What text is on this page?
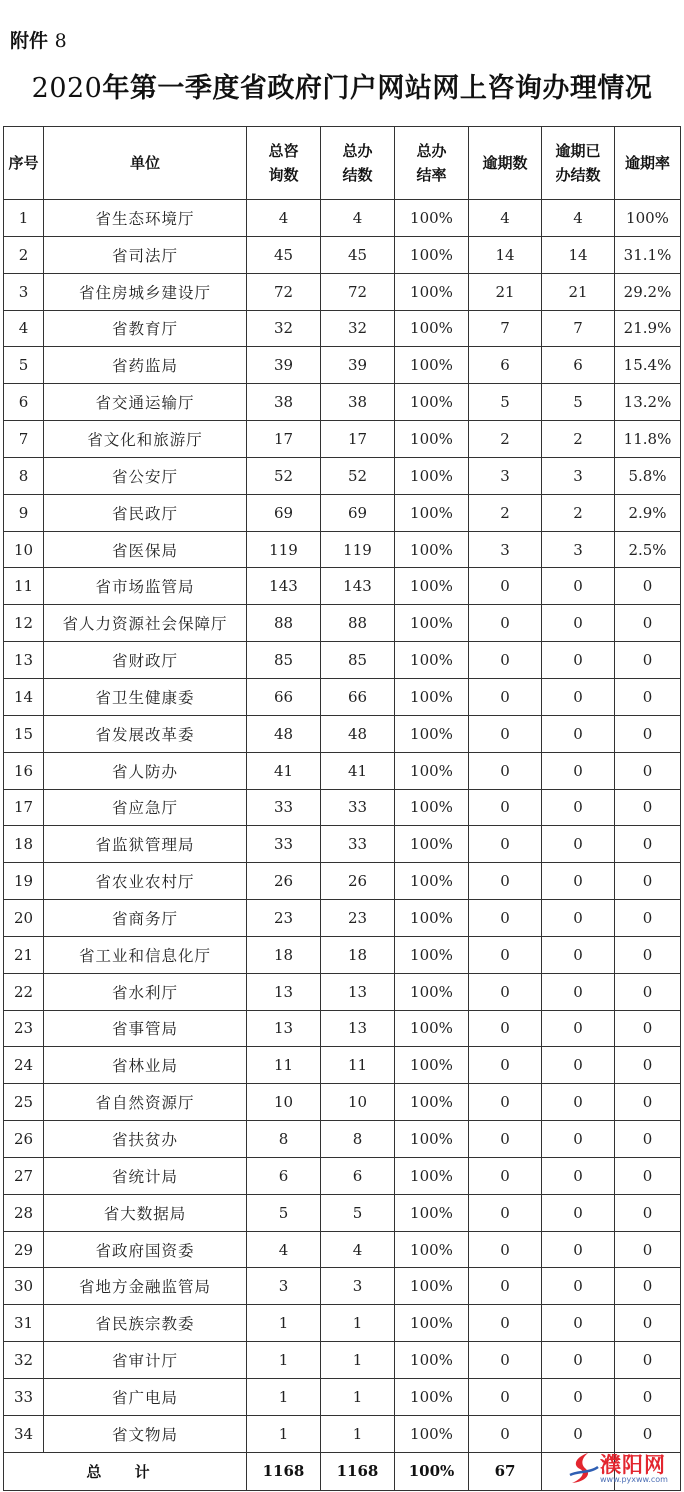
附件 8
2020年第一季度省政府门户网站网上咨询办理情况
序号	单位	总咨询数	总办结数	总办结率	逾期数	逾期已办结数	逾期率
1	省生态环境厅	4	4	100%	4	4	100%
2	省司法厅	45	45	100%	14	14	31.1%
3	省住房城乡建设厅	72	72	100%	21	21	29.2%
4	省教育厅	32	32	100%	7	7	21.9%
5	省药监局	39	39	100%	6	6	15.4%
6	省交通运输厅	38	38	100%	5	5	13.2%
7	省文化和旅游厅	17	17	100%	2	2	11.8%
8	省公安厅	52	52	100%	3	3	5.8%
9	省民政厅	69	69	100%	2	2	2.9%
10	省医保局	119	119	100%	3	3	2.5%
11	省市场监管局	143	143	100%	0	0	0
12	省人力资源社会保障厅	88	88	100%	0	0	0
13	省财政厅	85	85	100%	0	0	0
14	省卫生健康委	66	66	100%	0	0	0
15	省发展改革委	48	48	100%	0	0	0
16	省人防办	41	41	100%	0	0	0
17	省应急厅	33	33	100%	0	0	0
18	省监狱管理局	33	33	100%	0	0	0
19	省农业农村厅	26	26	100%	0	0	0
20	省商务厅	23	23	100%	0	0	0
21	省工业和信息化厅	18	18	100%	0	0	0
22	省水利厅	13	13	100%	0	0	0
23	省事管局	13	13	100%	0	0	0
24	省林业局	11	11	100%	0	0	0
25	省自然资源厅	10	10	100%	0	0	0
26	省扶贫办	8	8	100%	0	0	0
27	省统计局	6	6	100%	0	0	0
28	省大数据局	5	5	100%	0	0	0
29	省政府国资委	4	4	100%	0	0	0
30	省地方金融监管局	3	3	100%	0	0	0
31	省民族宗教委	1	1	100%	0	0	0
32	省审计厅	1	1	100%	0	0	0
33	省广电局	1	1	100%	0	0	0
34	省文物局	1	1	100%	0	0	0
总 计		1168	1168	100%	67			濮阳网
www.pyxww.com
